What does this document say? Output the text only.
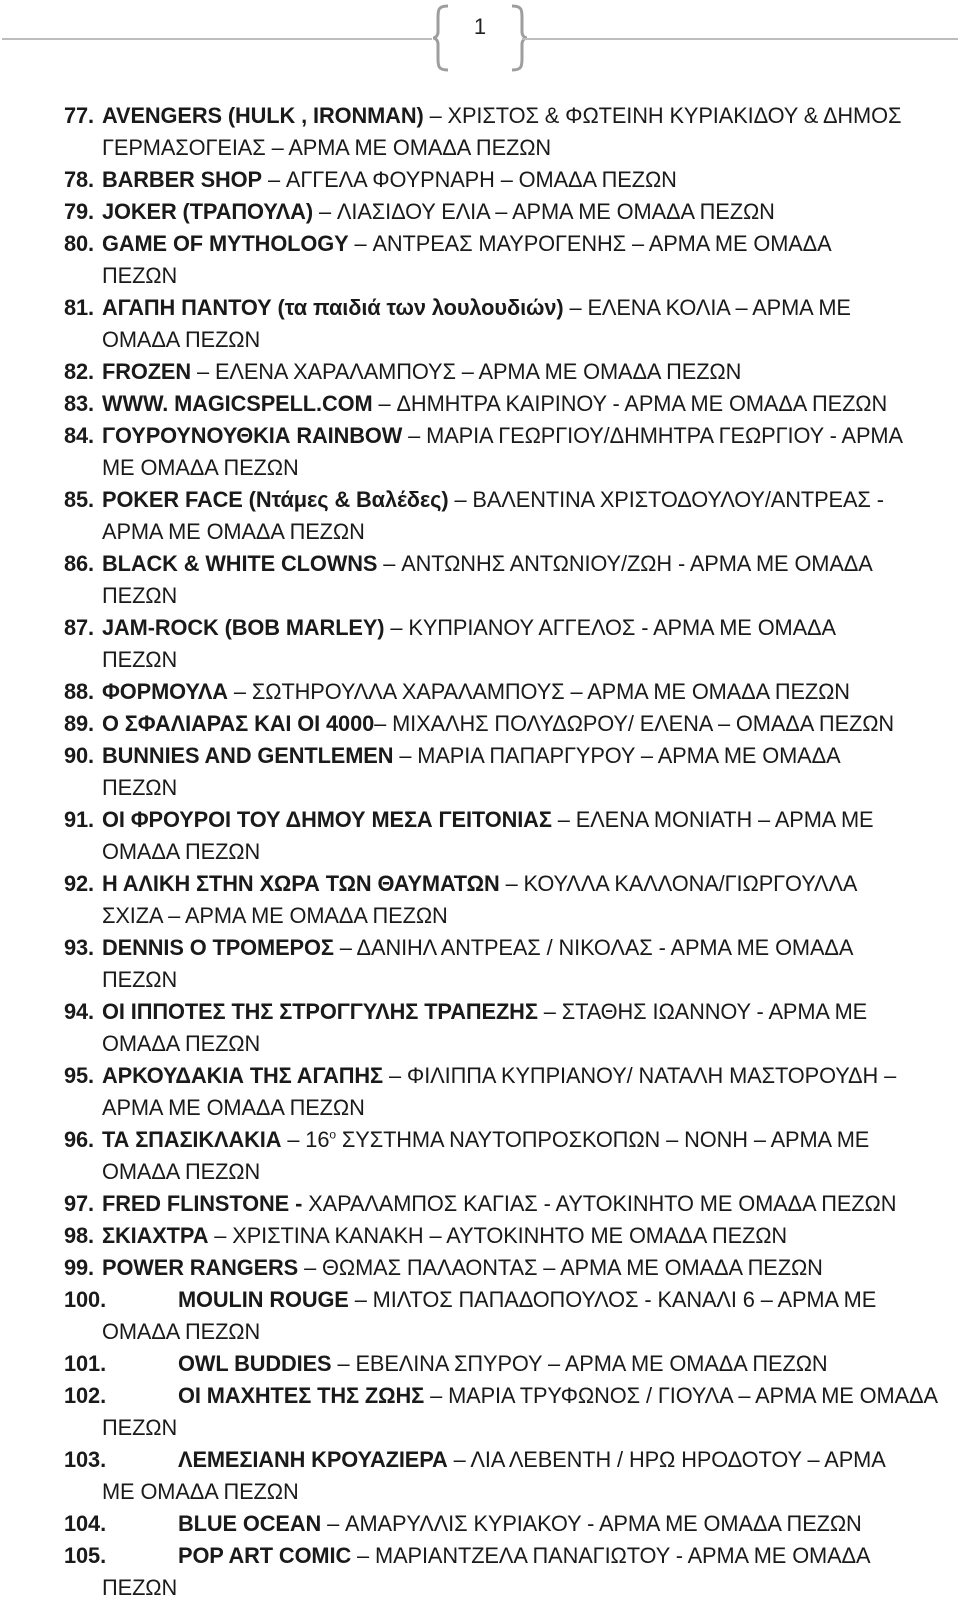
1
77. AVENGERS (HULK , IRONMAN) – ΧΡΙΣΤΟΣ & ΦΩΤΕΙΝΗ ΚΥΡΙΑΚΙΔΟΥ & ΔΗΜΟΣ
ΓΕΡΜΑΣΟΓΕΙΑΣ – ΑΡΜΑ ΜΕ ΟΜΑΔΑ ΠΕΖΩΝ
78. BARBER SHOP – ΑΓΓΕΛΑ ΦΟΥΡΝΑΡΗ – ΟΜΑΔΑ ΠΕΖΩΝ
79. JOKER (ΤΡΑΠΟΥΛΑ) – ΛΙΑΣΙΔΟΥ ΕΛΙΑ – ΑΡΜΑ ΜΕ ΟΜΑΔΑ ΠΕΖΩΝ
80. GAME OF MYTHOLOGY – ΑΝΤΡΕΑΣ ΜΑΥΡΟΓΕΝΗΣ – ΑΡΜΑ ΜΕ ΟΜΑΔΑ
ΠΕΖΩΝ
81. ΑΓΑΠΗ ΠΑΝΤΟΥ (τα παιδιά των λουλουδιών) – ΕΛΕΝΑ ΚΟΛΙΑ – ΑΡΜΑ ΜΕ
ΟΜΑΔΑ ΠΕΖΩΝ
82. FROZEN – ΕΛΕΝΑ ΧΑΡΑΛΑΜΠΟΥΣ – ΑΡΜΑ ΜΕ ΟΜΑΔΑ ΠΕΖΩΝ
83. WWW. MAGICSPELL.COM – ΔΗΜΗΤΡΑ ΚΑΙΡΙΝΟΥ - ΑΡΜΑ ΜΕ ΟΜΑΔΑ ΠΕΖΩΝ
84. ΓΟΥΡΟΥΝΟΥΘΚΙΑ RAINBOW – ΜΑΡΙΑ ΓΕΩΡΓΙΟΥ/ΔΗΜΗΤΡΑ ΓΕΩΡΓΙΟΥ - ΑΡΜΑ
ΜΕ ΟΜΑΔΑ ΠΕΖΩΝ
85. POKER FACE (Ντάμες & Βαλέδες) – ΒΑΛΕΝΤΙΝΑ ΧΡΙΣΤΟΔΟΥΛΟΥ/ΑΝΤΡΕΑΣ -
ΑΡΜΑ ΜΕ ΟΜΑΔΑ ΠΕΖΩΝ
86. BLACK & WHITE CLOWNS – ΑΝΤΩΝΗΣ ΑΝΤΩΝΙΟΥ/ΖΩΗ - ΑΡΜΑ ΜΕ ΟΜΑΔΑ
ΠΕΖΩΝ
87. JAM-ROCK (BOB MARLEY) – ΚΥΠΡΙΑΝΟΥ ΑΓΓΕΛΟΣ - ΑΡΜΑ ΜΕ ΟΜΑΔΑ
ΠΕΖΩΝ
88. ΦΟΡΜΟΥΛΑ – ΣΩΤΗΡΟΥΛΛΑ ΧΑΡΑΛΑΜΠΟΥΣ – ΑΡΜΑ ΜΕ ΟΜΑΔΑ ΠΕΖΩΝ
89. Ο ΣΦΑΛΙΑΡΑΣ ΚΑΙ ΟΙ 4000– ΜΙΧΑΛΗΣ ΠΟΛΥΔΩΡΟΥ/ ΕΛΕΝΑ – ΟΜΑΔΑ ΠΕΖΩΝ
90. BUNNIES AND GENTLEMEN – ΜΑΡΙΑ ΠΑΠΑΡΓΥΡΟΥ – ΑΡΜΑ ΜΕ ΟΜΑΔΑ
ΠΕΖΩΝ
91. ΟΙ ΦΡΟΥΡΟΙ ΤΟΥ ΔΗΜΟΥ ΜΕΣΑ ΓΕΙΤΟΝΙΑΣ – ΕΛΕΝΑ ΜΟΝΙΑΤΗ – ΑΡΜΑ ΜΕ
ΟΜΑΔΑ ΠΕΖΩΝ
92. Η ΑΛΙΚΗ ΣΤΗΝ ΧΩΡΑ ΤΩΝ ΘΑΥΜΑΤΩΝ – ΚΟΥΛΛΑ ΚΑΛΛΟΝΑ/ΓΙΩΡΓΟΥΛΛΑ
ΣΧΙΖΑ – ΑΡΜΑ ΜΕ ΟΜΑΔΑ ΠΕΖΩΝ
93. DENNIS Ο ΤΡΟΜΕΡΟΣ – ΔΑΝΙΗΛ ΑΝΤΡΕΑΣ / ΝΙΚΟΛΑΣ - ΑΡΜΑ ΜΕ ΟΜΑΔΑ
ΠΕΖΩΝ
94. ΟΙ ΙΠΠΟΤΕΣ ΤΗΣ ΣΤΡΟΓΓΥΛΗΣ ΤΡΑΠΕΖΗΣ – ΣΤΑΘΗΣ ΙΩΑΝΝΟΥ - ΑΡΜΑ ΜΕ
ΟΜΑΔΑ ΠΕΖΩΝ
95. ΑΡΚΟΥΔΑΚΙΑ ΤΗΣ ΑΓΑΠΗΣ – ΦΙΛΙΠΠΑ ΚΥΠΡΙΑΝΟΥ/ ΝΑΤΑΛΗ ΜΑΣΤΟΡΟΥΔΗ –
ΑΡΜΑ ΜΕ ΟΜΑΔΑ ΠΕΖΩΝ
96. ΤΑ ΣΠΑΣΙΚΛΑΚΙΑ – $16^o$ ΣΥΣΤΗΜΑ ΝΑΥΤΟΠΡΟΣΚΟΠΩΝ – ΝΟΝΗ – ΑΡΜΑ ΜΕ
ΟΜΑΔΑ ΠΕΖΩΝ
97. FRED FLINSTONE - ΧΑΡΑΛΑΜΠΟΣ ΚΑΓΙΑΣ - ΑΥΤΟΚΙΝΗΤΟ ΜΕ ΟΜΑΔΑ ΠΕΖΩΝ
98. ΣΚΙΑΧΤΡΑ – ΧΡΙΣΤΙΝΑ ΚΑΝΑΚΗ – ΑΥΤΟΚΙΝΗΤΟ ΜΕ ΟΜΑΔΑ ΠΕΖΩΝ
99. POWER RANGERS – ΘΩΜΑΣ ΠΑΛΑΟΝΤΑΣ – ΑΡΜΑ ΜΕ ΟΜΑΔΑ ΠΕΖΩΝ
100.	MOULIN ROUGE – ΜΙΛΤΟΣ ΠΑΠΑΔΟΠΟΥΛΟΣ - ΚΑΝΑΛΙ 6 – ΑΡΜΑ ΜΕ
ΟΜΑΔΑ ΠΕΖΩΝ
101.	OWL BUDDIES – ΕΒΕΛΙΝΑ ΣΠΥΡΟΥ – ΑΡΜΑ ΜΕ ΟΜΑΔΑ ΠΕΖΩΝ
102.	ΟΙ ΜΑΧΗΤΕΣ ΤΗΣ ΖΩΗΣ – ΜΑΡΙΑ ΤΡΥΦΩΝΟΣ / ΓΙΟΥΛΑ – ΑΡΜΑ ΜΕ ΟΜΑΔΑ
ΠΕΖΩΝ
103.	ΛΕΜΕΣΙΑΝΗ ΚΡΟΥΑΖΙΕΡΑ – ΛΙΑ ΛΕΒΕΝΤΗ / ΗΡΩ ΗΡΟΔΟΤΟΥ – ΑΡΜΑ
ΜΕ ΟΜΑΔΑ ΠΕΖΩΝ
104.	BLUE OCEAN – ΑΜΑΡΥΛΛΙΣ ΚΥΡΙΑΚΟΥ - ΑΡΜΑ ΜΕ ΟΜΑΔΑ ΠΕΖΩΝ
105.	POP ART COMIC – ΜΑΡΙΑΝΤΖΕΛΑ ΠΑΝΑΓΙΩΤΟΥ - ΑΡΜΑ ΜΕ ΟΜΑΔΑ
ΠΕΖΩΝ
